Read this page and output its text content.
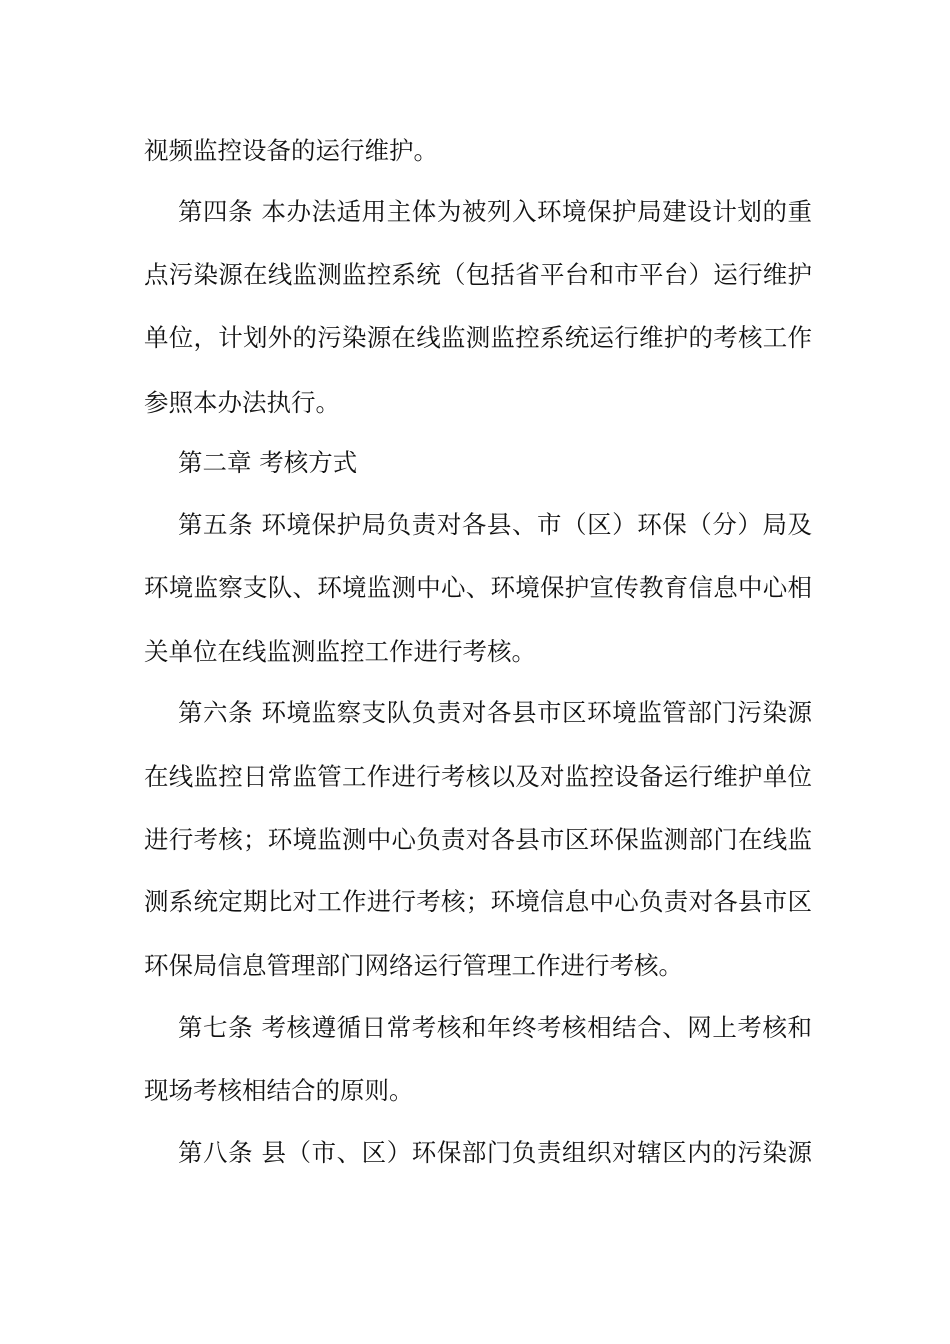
视频监控设备的运行维护。
第四条 本办法适用主体为被列入环境保护局建设计划的重
点污染源在线监测监控系统（包括省平台和市平台）运行维护
单位，计划外的污染源在线监测监控系统运行维护的考核工作
参照本办法执行。
第二章 考核方式
第五条 环境保护局负责对各县、市（区）环保（分）局及
环境监察支队、环境监测中心、环境保护宣传教育信息中心相
关单位在线监测监控工作进行考核。
第六条 环境监察支队负责对各县市区环境监管部门污染源
在线监控日常监管工作进行考核以及对监控设备运行维护单位
进行考核；环境监测中心负责对各县市区环保监测部门在线监
测系统定期比对工作进行考核；环境信息中心负责对各县市区
环保局信息管理部门网络运行管理工作进行考核。
第七条 考核遵循日常考核和年终考核相结合、网上考核和
现场考核相结合的原则。
第八条 县（市、区）环保部门负责组织对辖区内的污染源
